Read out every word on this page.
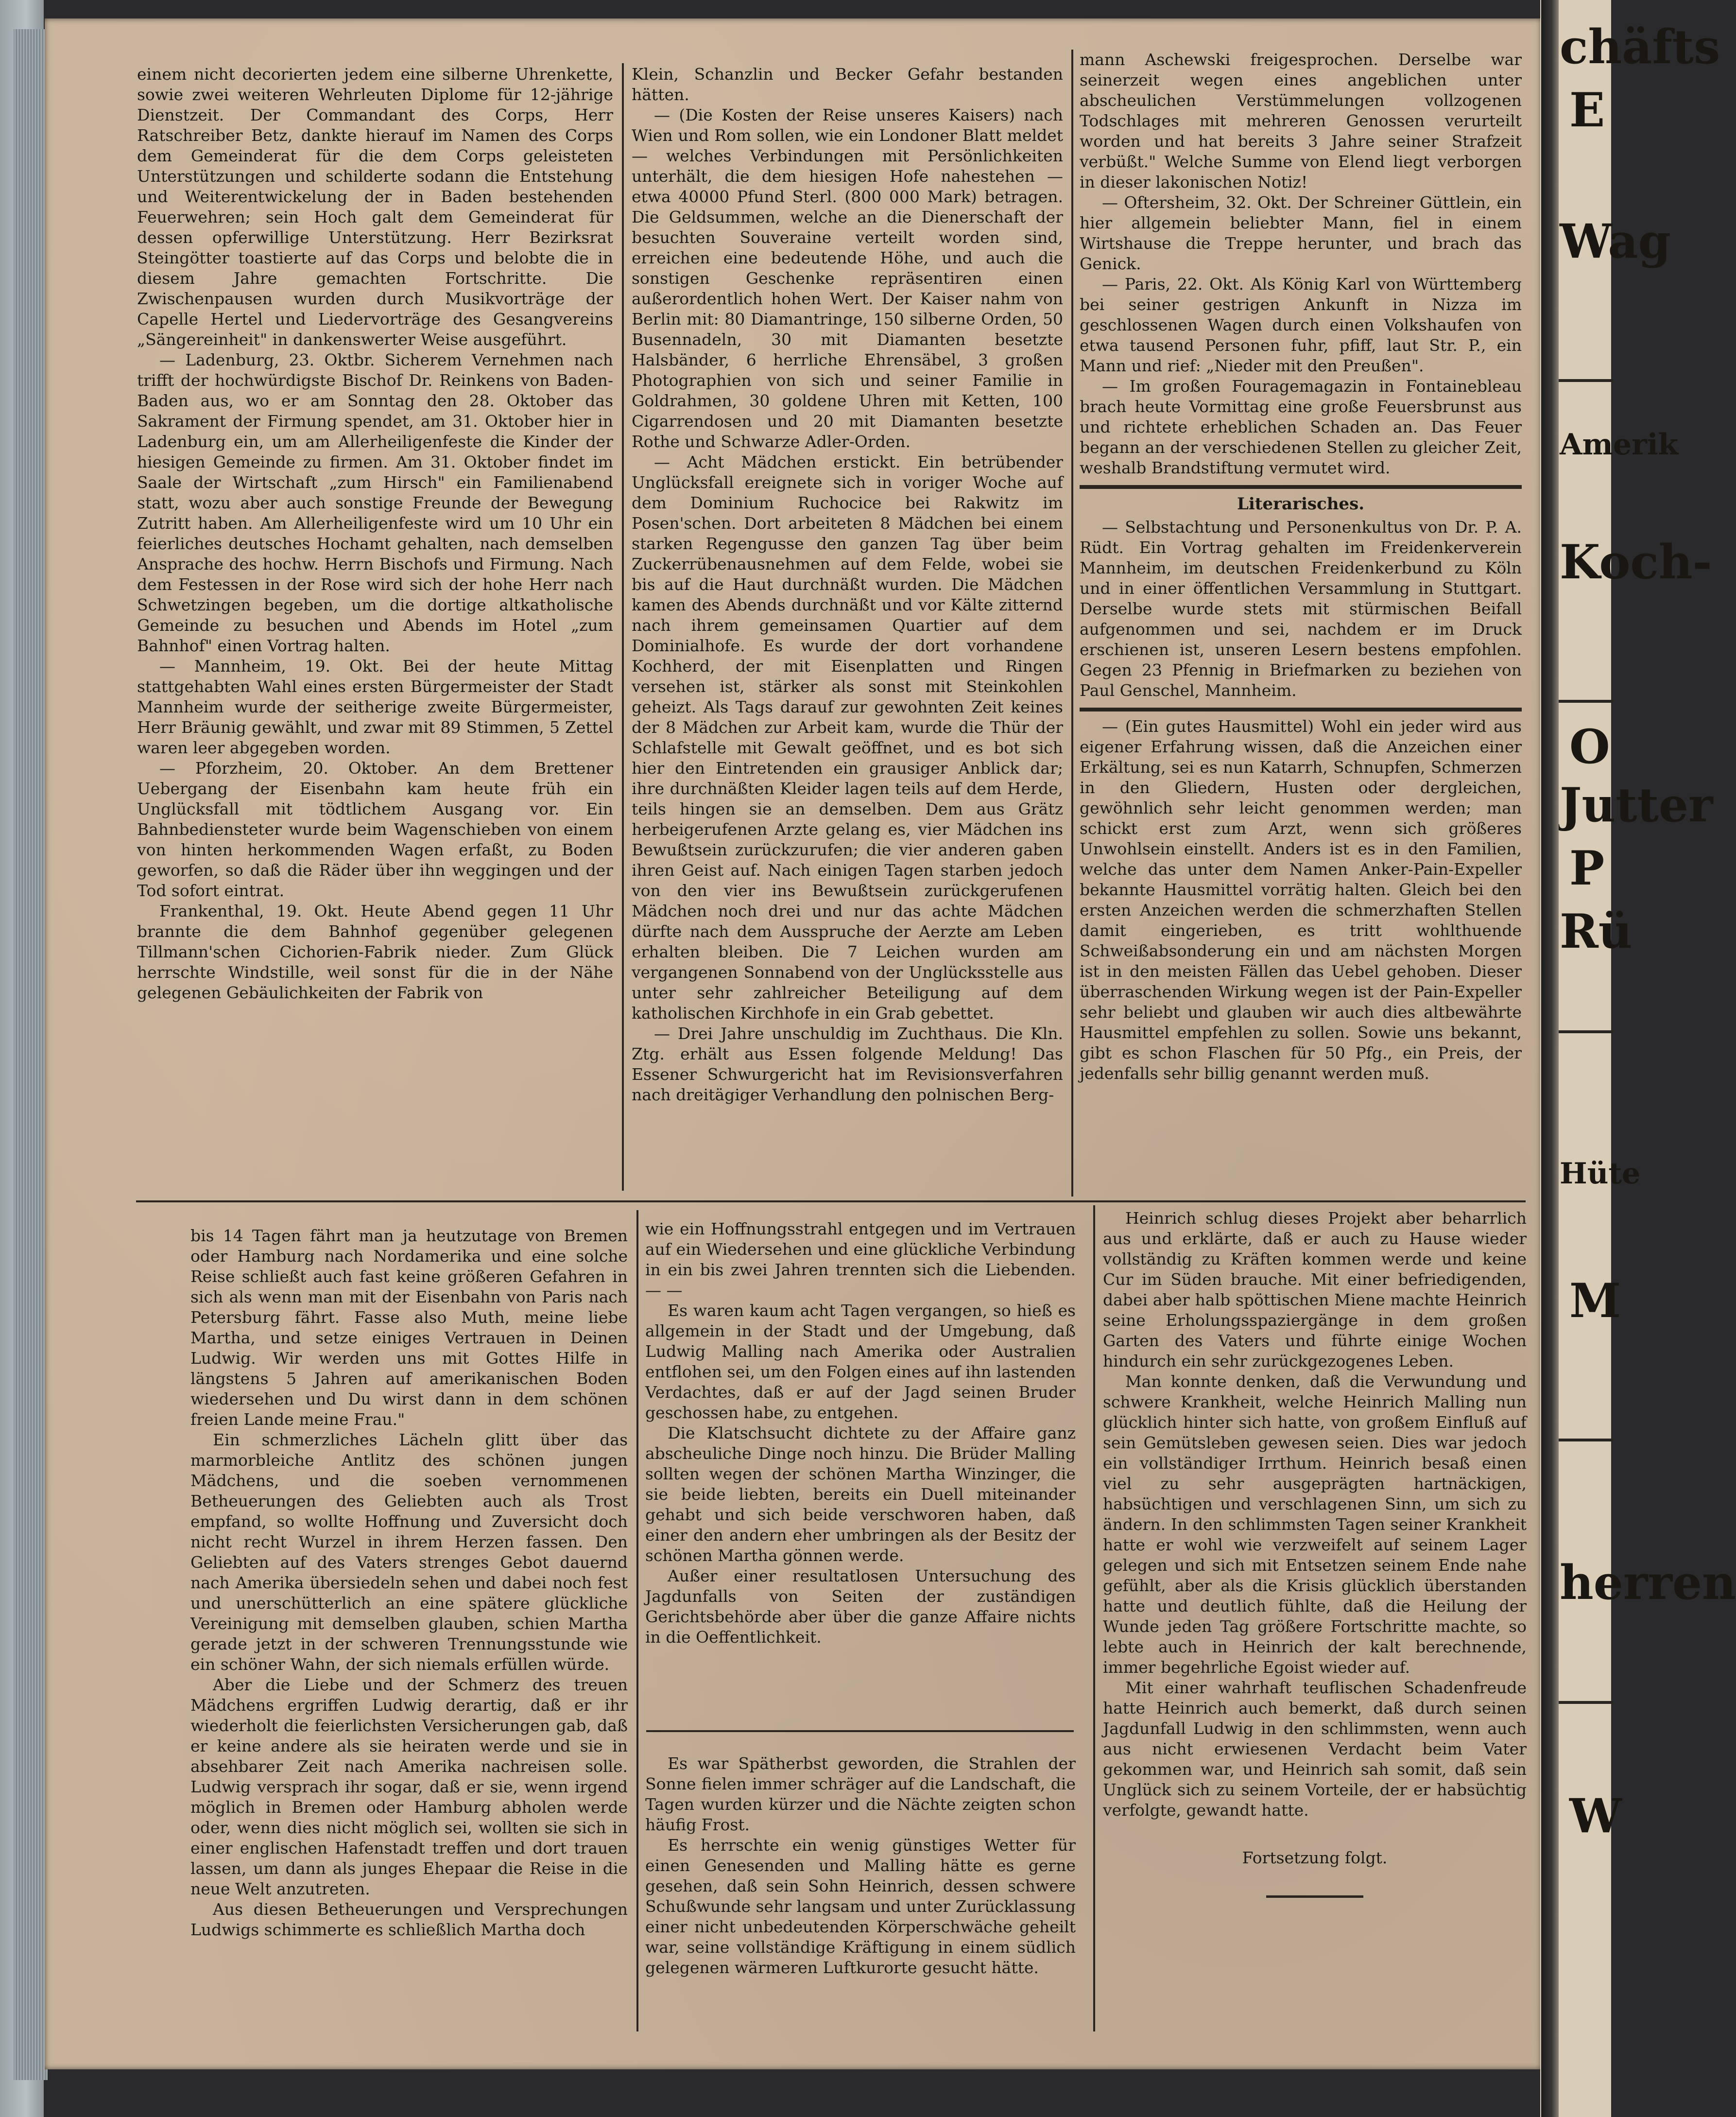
chäfts
E
Wag
Amerik
Koch-
O
Jutter
P
Rü
Hüte
M
herren
W

einem nicht decorierten jedem eine silberne Uhrenkette, sowie zwei weiteren Wehrleuten Diplome für 12-jährige Dienstzeit. Der Commandant des Corps, Herr Ratschreiber Betz, dankte hierauf im Namen des Corps dem Gemeinderat für die dem Corps geleisteten Unterstützungen und schilderte sodann die Entstehung und Weiterentwickelung der in Baden bestehenden Feuerwehren; sein Hoch galt dem Gemeinderat für dessen opferwillige Unterstützung. Herr Bezirksrat Steingötter toastierte auf das Corps und belobte die in diesem Jahre gemachten Fortschritte. Die Zwischenpausen wurden durch Musikvorträge der Capelle Hertel und Liedervorträge des Gesangvereins „Sängereinheit" in dankenswerter Weise ausgeführt.

— Ladenburg, 23. Oktbr. Sicherem Vernehmen nach trifft der hochwürdigste Bischof Dr. Reinkens von Baden-Baden aus, wo er am Sonntag den 28. Oktober das Sakrament der Firmung spendet, am 31. Oktober hier in Ladenburg ein, um am Allerheiligenfeste die Kinder der hiesigen Gemeinde zu firmen. Am 31. Oktober findet im Saale der Wirtschaft „zum Hirsch" ein Familienabend statt, wozu aber auch sonstige Freunde der Bewegung Zutritt haben. Am Allerheiligenfeste wird um 10 Uhr ein feierliches deutsches Hochamt gehalten, nach demselben Ansprache des hochw. Herrn Bischofs und Firmung. Nach dem Festessen in der Rose wird sich der hohe Herr nach Schwetzingen begeben, um die dortige altkatholische Gemeinde zu besuchen und Abends im Hotel „zum Bahnhof" einen Vortrag halten.

— Mannheim, 19. Okt. Bei der heute Mittag stattgehabten Wahl eines ersten Bürgermeister der Stadt Mannheim wurde der seitherige zweite Bürgermeister, Herr Bräunig gewählt, und zwar mit 89 Stimmen, 5 Zettel waren leer abgegeben worden.

— Pforzheim, 20. Oktober. An dem Brettener Uebergang der Eisenbahn kam heute früh ein Unglücksfall mit tödtlichem Ausgang vor. Ein Bahnbediensteter wurde beim Wagenschieben von einem von hinten herkommenden Wagen erfaßt, zu Boden geworfen, so daß die Räder über ihn weggingen und der Tod sofort eintrat.

Frankenthal, 19. Okt. Heute Abend gegen 11 Uhr brannte die dem Bahnhof gegenüber gelegenen Tillmann'schen Cichorien-Fabrik nieder. Zum Glück herrschte Windstille, weil sonst für die in der Nähe gelegenen Gebäulichkeiten der Fabrik von

Klein, Schanzlin und Becker Gefahr bestanden hätten.

— (Die Kosten der Reise unseres Kaisers) nach Wien und Rom sollen, wie ein Londoner Blatt meldet — welches Verbindungen mit Persönlichkeiten unterhält, die dem hiesigen Hofe nahestehen — etwa 40000 Pfund Sterl. (800 000 Mark) betragen. Die Geldsummen, welche an die Dienerschaft der besuchten Souveraine verteilt worden sind, erreichen eine bedeutende Höhe, und auch die sonstigen Geschenke repräsentiren einen außerordentlich hohen Wert. Der Kaiser nahm von Berlin mit: 80 Diamantringe, 150 silberne Orden, 50 Busennadeln, 30 mit Diamanten besetzte Halsbänder, 6 herrliche Ehrensäbel, 3 großen Photographien von sich und seiner Familie in Goldrahmen, 30 goldene Uhren mit Ketten, 100 Cigarrendosen und 20 mit Diamanten besetzte Rothe und Schwarze Adler-Orden.

— Acht Mädchen erstickt. Ein betrübender Unglücksfall ereignete sich in voriger Woche auf dem Dominium Ruchocice bei Rakwitz im Posen'schen. Dort arbeiteten 8 Mädchen bei einem starken Regengusse den ganzen Tag über beim Zuckerrübenausnehmen auf dem Felde, wobei sie bis auf die Haut durchnäßt wurden. Die Mädchen kamen des Abends durchnäßt und vor Kälte zitternd nach ihrem gemeinsamen Quartier auf dem Dominialhofe. Es wurde der dort vorhandene Kochherd, der mit Eisenplatten und Ringen versehen ist, stärker als sonst mit Steinkohlen geheizt. Als Tags darauf zur gewohnten Zeit keines der 8 Mädchen zur Arbeit kam, wurde die Thür der Schlafstelle mit Gewalt geöffnet, und es bot sich hier den Eintretenden ein grausiger Anblick dar; ihre durchnäßten Kleider lagen teils auf dem Herde, teils hingen sie an demselben. Dem aus Grätz herbeigerufenen Arzte gelang es, vier Mädchen ins Bewußtsein zurückzurufen; die vier anderen gaben ihren Geist auf. Nach einigen Tagen starben jedoch von den vier ins Bewußtsein zurückgerufenen Mädchen noch drei und nur das achte Mädchen dürfte nach dem Ausspruche der Aerzte am Leben erhalten bleiben. Die 7 Leichen wurden am vergangenen Sonnabend von der Unglücksstelle aus unter sehr zahlreicher Beteiligung auf dem katholischen Kirchhofe in ein Grab gebettet.

— Drei Jahre unschuldig im Zuchthaus. Die Kln. Ztg. erhält aus Essen folgende Meldung! Das Essener Schwurgericht hat im Revisionsverfahren nach dreitägiger Verhandlung den polnischen Berg-

mann Aschewski freigesprochen. Derselbe war seinerzeit wegen eines angeblichen unter abscheulichen Verstümmelungen vollzogenen Todschlages mit mehreren Genossen verurteilt worden und hat bereits 3 Jahre seiner Strafzeit verbüßt." Welche Summe von Elend liegt verborgen in dieser lakonischen Notiz!

— Oftersheim, 32. Okt. Der Schreiner Güttlein, ein hier allgemein beliebter Mann, fiel in einem Wirtshause die Treppe herunter, und brach das Genick.

— Paris, 22. Okt. Als König Karl von Württemberg bei seiner gestrigen Ankunft in Nizza im geschlossenen Wagen durch einen Volkshaufen von etwa tausend Personen fuhr, pfiff, laut Str. P., ein Mann und rief: „Nieder mit den Preußen".

— Im großen Fouragemagazin in Fontainebleau brach heute Vormittag eine große Feuersbrunst aus und richtete erheblichen Schaden an. Das Feuer begann an der verschiedenen Stellen zu gleicher Zeit, weshalb Brandstiftung vermutet wird.

Literarisches.

— Selbstachtung und Personenkultus von Dr. P. A. Rüdt. Ein Vortrag gehalten im Freidenkerverein Mannheim, im deutschen Freidenkerbund zu Köln und in einer öffentlichen Versammlung in Stuttgart. Derselbe wurde stets mit stürmischen Beifall aufgenommen und sei, nachdem er im Druck erschienen ist, unseren Lesern bestens empfohlen. Gegen 23 Pfennig in Briefmarken zu beziehen von Paul Genschel, Mannheim.

— (Ein gutes Hausmittel) Wohl ein jeder wird aus eigener Erfahrung wissen, daß die Anzeichen einer Erkältung, sei es nun Katarrh, Schnupfen, Schmerzen in den Gliedern, Husten oder dergleichen, gewöhnlich sehr leicht genommen werden; man schickt erst zum Arzt, wenn sich größeres Unwohlsein einstellt. Anders ist es in den Familien, welche das unter dem Namen Anker-Pain-Expeller bekannte Hausmittel vorrätig halten. Gleich bei den ersten Anzeichen werden die schmerzhaften Stellen damit eingerieben, es tritt wohlthuende Schweißabsonderung ein und am nächsten Morgen ist in den meisten Fällen das Uebel gehoben. Dieser überraschenden Wirkung wegen ist der Pain-Expeller sehr beliebt und glauben wir auch dies altbewährte Hausmittel empfehlen zu sollen. Sowie uns bekannt, gibt es schon Flaschen für 50 Pfg., ein Preis, der jedenfalls sehr billig genannt werden muß.

bis 14 Tagen fährt man ja heutzutage von Bremen oder Hamburg nach Nordamerika und eine solche Reise schließt auch fast keine größeren Gefahren in sich als wenn man mit der Eisenbahn von Paris nach Petersburg fährt. Fasse also Muth, meine liebe Martha, und setze einiges Vertrauen in Deinen Ludwig. Wir werden uns mit Gottes Hilfe in längstens 5 Jahren auf amerikanischen Boden wiedersehen und Du wirst dann in dem schönen freien Lande meine Frau."

Ein schmerzliches Lächeln glitt über das marmorbleiche Antlitz des schönen jungen Mädchens, und die soeben vernommenen Betheuerungen des Geliebten auch als Trost empfand, so wollte Hoffnung und Zuversicht doch nicht recht Wurzel in ihrem Herzen fassen. Den Geliebten auf des Vaters strenges Gebot dauernd nach Amerika übersiedeln sehen und dabei noch fest und unerschütterlich an eine spätere glückliche Vereinigung mit demselben glauben, schien Martha gerade jetzt in der schweren Trennungsstunde wie ein schöner Wahn, der sich niemals erfüllen würde.

Aber die Liebe und der Schmerz des treuen Mädchens ergriffen Ludwig derartig, daß er ihr wiederholt die feierlichsten Versicherungen gab, daß er keine andere als sie heiraten werde und sie in absehbarer Zeit nach Amerika nachreisen solle. Ludwig versprach ihr sogar, daß er sie, wenn irgend möglich in Bremen oder Hamburg abholen werde oder, wenn dies nicht möglich sei, wollten sie sich in einer englischen Hafenstadt treffen und dort trauen lassen, um dann als junges Ehepaar die Reise in die neue Welt anzutreten.

Aus diesen Betheuerungen und Versprechungen Ludwigs schimmerte es schließlich Martha doch

wie ein Hoffnungsstrahl entgegen und im Vertrauen auf ein Wiedersehen und eine glückliche Verbindung in ein bis zwei Jahren trennten sich die Liebenden. — —

Es waren kaum acht Tagen vergangen, so hieß es allgemein in der Stadt und der Umgebung, daß Ludwig Malling nach Amerika oder Australien entflohen sei, um den Folgen eines auf ihn lastenden Verdachtes, daß er auf der Jagd seinen Bruder geschossen habe, zu entgehen.

Die Klatschsucht dichtete zu der Affaire ganz abscheuliche Dinge noch hinzu. Die Brüder Malling sollten wegen der schönen Martha Winzinger, die sie beide liebten, bereits ein Duell miteinander gehabt und sich beide verschworen haben, daß einer den andern eher umbringen als der Besitz der schönen Martha gönnen werde.

Außer einer resultatlosen Untersuchung des Jagdunfalls von Seiten der zuständigen Gerichtsbehörde aber über die ganze Affaire nichts in die Oeffentlichkeit.

Es war Spätherbst geworden, die Strahlen der Sonne fielen immer schräger auf die Landschaft, die Tagen wurden kürzer und die Nächte zeigten schon häufig Frost.

Es herrschte ein wenig günstiges Wetter für einen Genesenden und Malling hätte es gerne gesehen, daß sein Sohn Heinrich, dessen schwere Schußwunde sehr langsam und unter Zurücklassung einer nicht unbedeutenden Körperschwäche geheilt war, seine vollständige Kräftigung in einem südlich gelegenen wärmeren Luftkurorte gesucht hätte.

Heinrich schlug dieses Projekt aber beharrlich aus und erklärte, daß er auch zu Hause wieder vollständig zu Kräften kommen werde und keine Cur im Süden brauche. Mit einer befriedigenden, dabei aber halb spöttischen Miene machte Heinrich seine Erholungsspaziergänge in dem großen Garten des Vaters und führte einige Wochen hindurch ein sehr zurückgezogenes Leben.

Man konnte denken, daß die Verwundung und schwere Krankheit, welche Heinrich Malling nun glücklich hinter sich hatte, von großem Einfluß auf sein Gemütsleben gewesen seien. Dies war jedoch ein vollständiger Irrthum. Heinrich besaß einen viel zu sehr ausgeprägten hartnäckigen, habsüchtigen und verschlagenen Sinn, um sich zu ändern. In den schlimmsten Tagen seiner Krankheit hatte er wohl wie verzweifelt auf seinem Lager gelegen und sich mit Entsetzen seinem Ende nahe gefühlt, aber als die Krisis glücklich überstanden hatte und deutlich fühlte, daß die Heilung der Wunde jeden Tag größere Fortschritte machte, so lebte auch in Heinrich der kalt berechnende, immer begehrliche Egoist wieder auf.

Mit einer wahrhaft teuflischen Schadenfreude hatte Heinrich auch bemerkt, daß durch seinen Jagdunfall Ludwig in den schlimmsten, wenn auch aus nicht erwiesenen Verdacht beim Vater gekommen war, und Heinrich sah somit, daß sein Unglück sich zu seinem Vorteile, der er habsüchtig verfolgte, gewandt hatte.

Fortsetzung folgt.
